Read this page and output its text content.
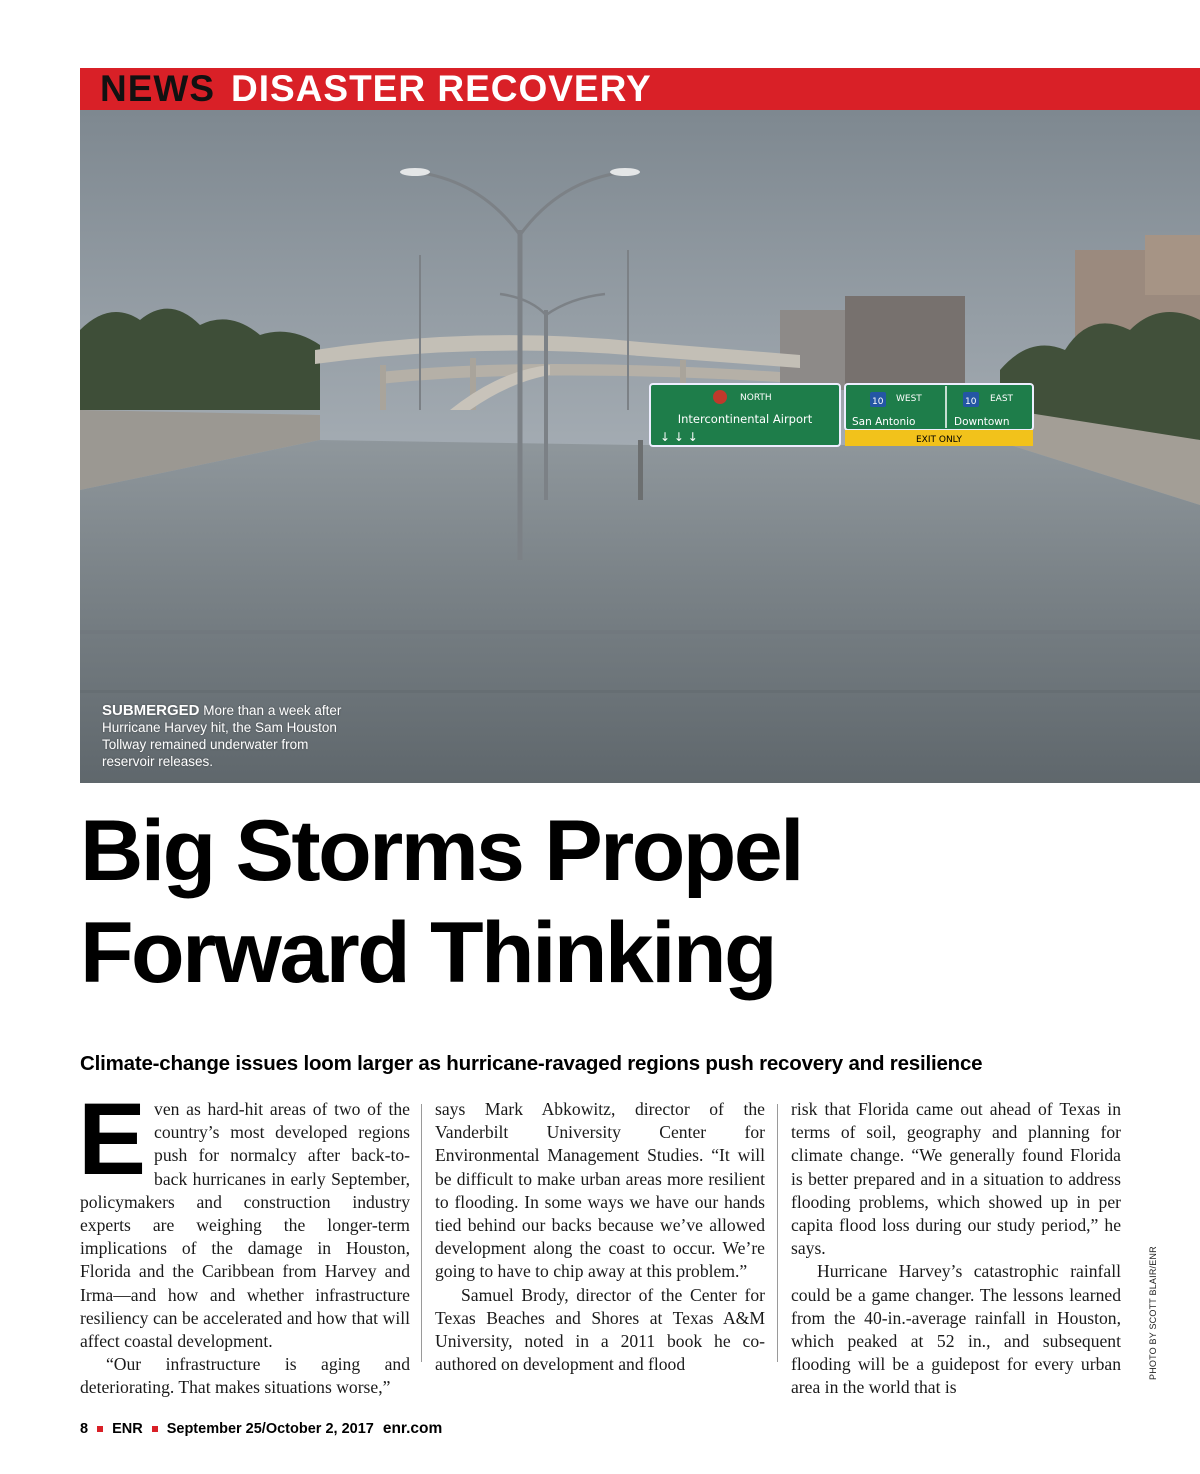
NEWS DISASTER RECOVERY
NORTH
Intercontinental Airport
↓ ↓ ↓
10 WEST
San Antonio
10 EAST
Downtown
EXIT ONLY
SUBMERGED More than a week after Hurricane Harvey hit, the Sam Houston Tollway remained underwater from reservoir releases.
PHOTO BY SCOTT BLAIR/ENR
Big Storms Propel
Forward Thinking
Climate-change issues loom larger as hurricane-ravaged regions push recovery and resilience

Even as hard-hit areas of two of the country’s most developed regions push for normalcy after back-to-back hurricanes in early September, policymakers and construction industry experts are weighing the longer-term implications of the damage in Houston, Florida and the Caribbean from Harvey and Irma—and how and whether infrastructure resiliency can be accelerated and how that will affect coastal development.

“Our infrastructure is aging and deteriorating. That makes situations worse,”

says Mark Abkowitz, director of the Vanderbilt University Center for Environmental Management Studies. “It will be difficult to make urban areas more resilient to flooding. In some ways we have our hands tied behind our backs because we’ve allowed development along the coast to occur. We’re going to have to chip away at this problem.”

Samuel Brody, director of the Center for Texas Beaches and Shores at Texas A&M University, noted in a 2011 book he co-authored on development and flood

risk that Florida came out ahead of Texas in terms of soil, geography and planning for climate change. “We generally found Florida is better prepared and in a situation to address flooding problems, which showed up in per capita flood loss during our study period,” he says.

Hurricane Harvey’s catastrophic rainfall could be a game changer. The lessons learned from the 40-in.-average rainfall in Houston, which peaked at 52 in., and subsequent flooding will be a guidepost for every urban area in the world that is

8 ENR September 25/October 2, 2017 enr.com
